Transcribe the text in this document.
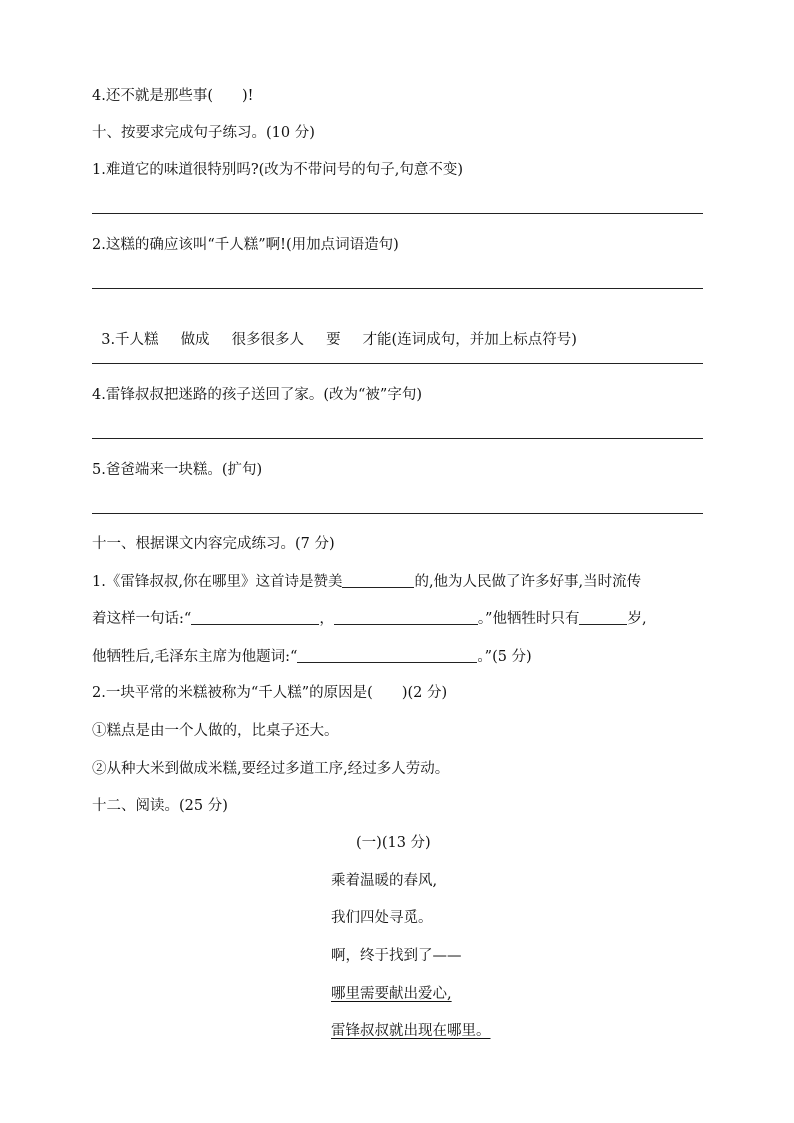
4.还不就是那些事(　　)!
十、按要求完成句子练习。(10 分)
1.难道它的味道很特别吗?(改为不带问号的句子,句意不变)
2.这糕的确应该叫“千人糕”啊!(用加点词语造句)

3.千人糕 做成 很多很多人 要 才能(连词成句，并加上标点符号)

4.雷锋叔叔把迷路的孩子送回了家。(改为“被”字句)
5.爸爸端来一块糕。(扩句)
十一、根据课文内容完成练习。(7 分)
1.《雷锋叔叔,你在哪里》这首诗是赞美	的,他为人民做了许多好事,当时流传
着这样一句话:“	，	。”他牺牲时只有	岁,
他牺牲后,毛泽东主席为他题词:“	。”(5 分)
2.一块平常的米糕被称为“千人糕”的原因是(　　)(2 分)
①糕点是由一个人做的，比桌子还大。
②从种大米到做成米糕,要经过多道工序,经过多人劳动。
十二、阅读。(25 分)
(一)(13 分)
乘着温暖的春风,
我们四处寻觅。
啊，终于找到了——
哪里需要献出爱心,
雷锋叔叔就出现在哪里。
